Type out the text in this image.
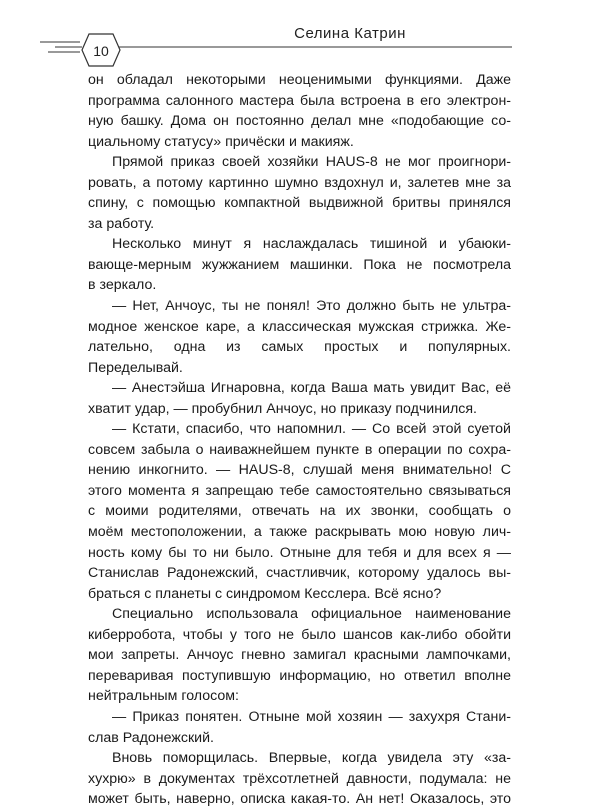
10
Селина Катрин

он обладал некоторыми неоценимыми функциями. Даже

программа салонного мастера была встроена в его электрон-

ную башку. Дома он постоянно делал мне «подобающие со-

циальному статусу» причёски и макияж.

Прямой приказ своей хозяйки HAUS-8 не мог проигнори-

ровать, а потому картинно шумно вздохнул и, залетев мне за

спину, с помощью компактной выдвижной бритвы принялся

за работу.

Несколько минут я наслаждалась тишиной и убаюки-

вающе-мерным жужжанием машинки. Пока не посмотрела

в зеркало.

— Нет, Анчоус, ты не понял! Это должно быть не ультра-

модное женское каре, а классическая мужская стрижка. Же-

лательно, одна из самых простых и популярных.

Переделывай.

— Анестэйша Игнаровна, когда Ваша мать увидит Вас, её

хватит удар, — пробубнил Анчоус, но приказу подчинился.

— Кстати, спасибо, что напомнил. — Со всей этой суетой

совсем забыла о наиважнейшем пункте в операции по сохра-

нению инкогнито. — HAUS-8, слушай меня внимательно! С

этого момента я запрещаю тебе самостоятельно связываться

с моими родителями, отвечать на их звонки, сообщать о

моём местоположении, а также раскрывать мою новую лич-

ность кому бы то ни было. Отныне для тебя и для всех я —

Станислав Радонежский, счастливчик, которому удалось вы-

браться с планеты с синдромом Кесслера. Всё ясно?

Специально использовала официальное наименование

киберробота, чтобы у того не было шансов как-либо обойти

мои запреты. Анчоус гневно замигал красными лампочками,

переваривая поступившую информацию, но ответил вполне

нейтральным голосом:

— Приказ понятен. Отныне мой хозяин — захухря Стани-

слав Радонежский.

Вновь поморщилась. Впервые, когда увидела эту «за-

хухрю» в документах трёхсотлетней давности, подумала: не

может быть, наверно, описка какая-то. Ан нет! Оказалось, это
